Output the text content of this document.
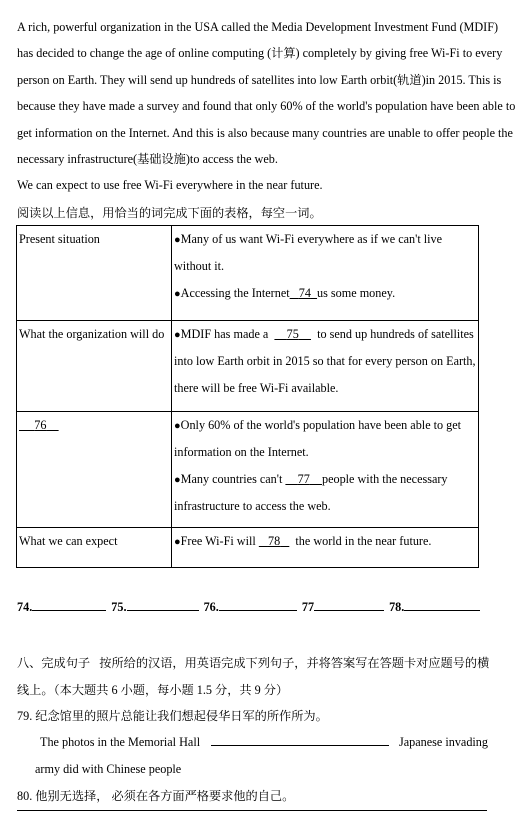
A rich, powerful organization in the USA called the Media Development Investment Fund (MDIF) has decided to change the age of online computing (计算) completely by giving free Wi-Fi to every person on Earth. They will send up hundreds of satellites into low Earth orbit(轨道)in 2015. This is because they have made a survey and found that only 60% of the world's population have been able to get information on the Internet. And this is also because many countries are unable to offer people the necessary infrastructure(基础设施)to access the web.
We can expect to use free Wi-Fi everywhere in the near future.
阅读以上信息，用恰当的词完成下面的表格，每空一词。
Present situation	●Many of us want Wi-Fi everywhere as if we can't live without it.
●Accessing the Internet 74 us some money.

What the organization will do	●MDIF has made a 75 to send up hundreds of satellites into low Earth orbit in 2015 so that for every person on Earth, there will be free Wi-Fi available.

76	●Only 60% of the world's population have been able to get information on the Internet.
●Many countries can't 77 people with the necessary infrastructure to access the web.

What we can expect	●Free Wi-Fi will 78 the world in the near future.
74.	75.	76.	77	78.
八、完成句子 按所给的汉语，用英语完成下列句子，并将答案写在答题卡对应题号的横线上。（本大题共 6 小题，每小题 1.5 分，共 9 分）
79. 纪念馆里的照片总能让我们想起侵华日军的所作所为。
The photos in the Memorial Hall	Japanese invading
army did with Chinese people
80. 他别无选择， 必须在各方面严格要求他的自己。
